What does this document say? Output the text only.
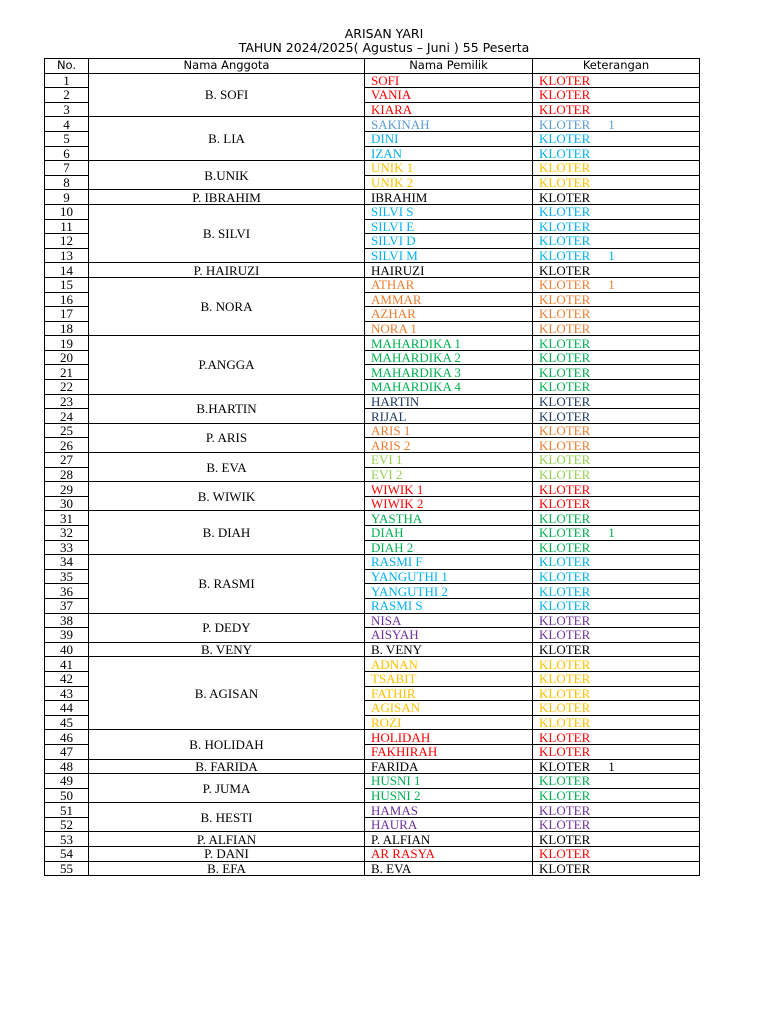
ARISAN YARI
TAHUN 2024/2025( Agustus – Juni ) 55 Peserta
No.	Nama Anggota	Nama Pemilik	Keterangan
1	B. SOFI	SOFI	KLOTER
2		VANIA	KLOTER
3		KIARA	KLOTER
4	B. LIA	SAKINAH	KLOTER 1
5		DINI	KLOTER
6		IZAN	KLOTER
7	B.UNIK	UNIK 1	KLOTER
8		UNIK 2	KLOTER
9	P. IBRAHIM	IBRAHIM	KLOTER
10	B. SILVI	SILVI S	KLOTER
11		SILVI E	KLOTER
12		SILVI D	KLOTER
13		SILVI M	KLOTER 1
14	P. HAIRUZI	HAIRUZI	KLOTER
15	B. NORA	ATHAR	KLOTER 1
16		AMMAR	KLOTER
17		AZHAR	KLOTER
18		NORA 1	KLOTER
19	P.ANGGA	MAHARDIKA 1	KLOTER
20		MAHARDIKA 2	KLOTER
21		MAHARDIKA 3	KLOTER
22		MAHARDIKA 4	KLOTER
23	B.HARTIN	HARTIN	KLOTER
24		RIJAL	KLOTER
25	P. ARIS	ARIS 1	KLOTER
26		ARIS 2	KLOTER
27	B. EVA	EVI 1	KLOTER
28		EVI 2	KLOTER
29	B. WIWIK	WIWIK 1	KLOTER
30		WIWIK 2	KLOTER
31	B. DIAH	YASTHA	KLOTER
32		DIAH	KLOTER 1
33		DIAH 2	KLOTER
34	B. RASMI	RASMI F	KLOTER
35		YANGUTHI 1	KLOTER
36		YANGUTHI 2	KLOTER
37		RASMI S	KLOTER
38	P. DEDY	NISA	KLOTER
39		AISYAH	KLOTER
40	B. VENY	B. VENY	KLOTER
41	B. AGISAN	ADNAN	KLOTER
42		TSABIT	KLOTER
43		FATHIR	KLOTER
44		AGISAN	KLOTER
45		ROZI	KLOTER
46	B. HOLIDAH	HOLIDAH	KLOTER
47		FAKHIRAH	KLOTER
48	B. FARIDA	FARIDA	KLOTER 1
49	P. JUMA	HUSNI 1	KLOTER
50		HUSNI 2	KLOTER
51	B. HESTI	HAMAS	KLOTER
52		HAURA	KLOTER
53	P. ALFIAN	P. ALFIAN	KLOTER
54	P. DANI	AR RASYA	KLOTER
55	B. EFA	B. EVA	KLOTER
